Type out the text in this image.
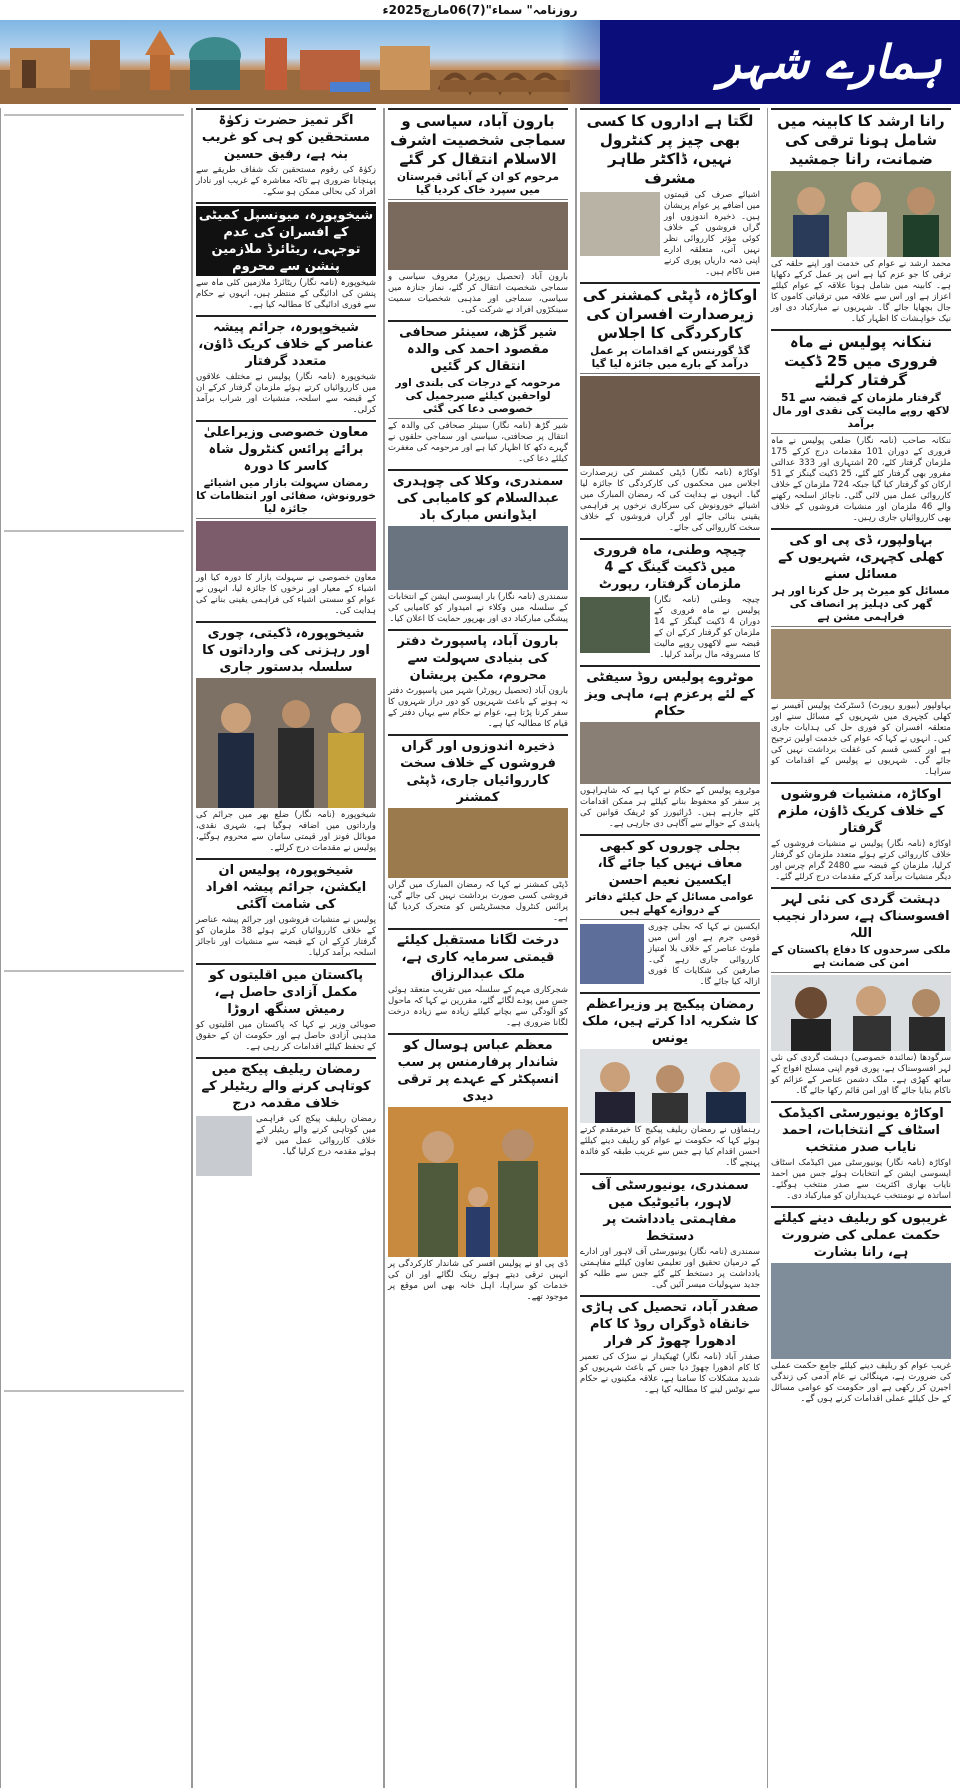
روزنامہ" سماء"(7)06مارچ2025ء
ہمارے شہر
رانا ارشد کا کابینہ میں شامل ہونا ترقی کی ضمانت، رانا جمشید
محمد ارشد نے عوام کی خدمت اور اپنے حلقہ کی ترقی کا جو عزم کیا ہے اس پر عمل کرکے دکھایا ہے۔ کابینہ میں شامل ہونا علاقہ کے عوام کیلئے اعزاز ہے اور اس سے علاقہ میں ترقیاتی کاموں کا جال بچھایا جائے گا۔ شہریوں نے مبارکباد دی اور نیک خواہشات کا اظہار کیا۔
ننکانہ پولیس نے ماہ فروری میں 25 ڈکیت گرفتار کرلئے
گرفتار ملزمان کے قبضہ سے 51 لاکھ روپے مالیت کی نقدی اور مال برآمد
ننکانہ صاحب (نامہ نگار) ضلعی پولیس نے ماہ فروری کے دوران 101 مقدمات درج کرکے 175 ملزمان گرفتار کئے، 20 اشتہاری اور 333 عدالتی مفرور بھی گرفتار کئے گئے، 25 ڈکیت گینگز کے 51 ارکان کو گرفتار کیا گیا جبکہ 724 ملزمان کے خلاف کارروائی عمل میں لائی گئی۔ ناجائز اسلحہ رکھنے والے 46 ملزمان اور منشیات فروشوں کے خلاف بھی کارروائیاں جاری رہیں۔
بہاولپور، ڈی پی او کی کھلی کچہری، شہریوں کے مسائل سنے
مسائل کو میرٹ پر حل کرنا اور ہر گھر کی دہلیز پر انصاف کی فراہمی مشن ہے
بہاولپور (بیورو رپورٹ) ڈسٹرکٹ پولیس آفیسر نے کھلی کچہری میں شہریوں کے مسائل سنے اور متعلقہ افسران کو فوری حل کی ہدایات جاری کیں۔ انہوں نے کہا کہ عوام کی خدمت اولین ترجیح ہے اور کسی قسم کی غفلت برداشت نہیں کی جائے گی۔ شہریوں نے پولیس کے اقدامات کو سراہا۔
اوکاڑہ، منشیات فروشوں کے خلاف کریک ڈاؤن، ملزم گرفتار
اوکاڑہ (نامہ نگار) پولیس نے منشیات فروشوں کے خلاف کارروائی کرتے ہوئے متعدد ملزمان کو گرفتار کرلیا، ملزمان کے قبضہ سے 2480 گرام چرس اور دیگر منشیات برآمد کرکے مقدمات درج کرلئے گئے۔
دہشت گردی کی نئی لہر افسوسناک ہے، سردار نجیب اللہ
ملکی سرحدوں کا دفاع پاکستان کے امن کی ضمانت ہے
سرگودھا (نمائندہ خصوصی) دہشت گردی کی نئی لہر افسوسناک ہے، پوری قوم اپنی مسلح افواج کے ساتھ کھڑی ہے۔ ملک دشمن عناصر کے عزائم کو ناکام بنایا جائے گا اور امن قائم رکھا جائے گا۔
اوکاڑہ یونیورسٹی اکیڈمک اسٹاف کے انتخابات، احمد نایاب صدر منتخب
اوکاڑہ (نامہ نگار) یونیورسٹی میں اکیڈمک اسٹاف ایسوسی ایشن کے انتخابات ہوئے جس میں احمد نایاب بھاری اکثریت سے صدر منتخب ہوگئے۔ اساتذہ نے نومنتخب عہدیداران کو مبارکباد دی۔
غریبوں کو ریلیف دینے کیلئے حکمت عملی کی ضرورت ہے، رانا بشارت
غریب عوام کو ریلیف دینے کیلئے جامع حکمت عملی کی ضرورت ہے، مہنگائی نے عام آدمی کی زندگی اجیرن کر رکھی ہے اور حکومت کو عوامی مسائل کے حل کیلئے عملی اقدامات کرنے ہوں گے۔
لگتا ہے اداروں کا کسی بھی چیز پر کنٹرول نہیں، ڈاکٹر طاہر مشرف
اشیائے صرف کی قیمتوں میں اضافے پر عوام پریشان ہیں۔ ذخیرہ اندوزوں اور گراں فروشوں کے خلاف کوئی مؤثر کارروائی نظر نہیں آتی، متعلقہ ادارے اپنی ذمہ داریاں پوری کرنے میں ناکام ہیں۔
اوکاڑہ، ڈپٹی کمشنر کی زیرصدارت افسران کی کارکردگی کا اجلاس
گڈ گورننس کے اقدامات پر عمل درآمد کے بارے میں جائزہ لیا گیا
اوکاڑہ (نامہ نگار) ڈپٹی کمشنر کی زیرصدارت اجلاس میں محکموں کی کارکردگی کا جائزہ لیا گیا۔ انہوں نے ہدایت کی کہ رمضان المبارک میں اشیائے خورونوش کی سرکاری نرخوں پر فراہمی یقینی بنائی جائے اور گراں فروشوں کے خلاف سخت کارروائی کی جائے۔
چیچہ وطنی، ماہ فروری میں ڈکیت گینگ کے 4 ملزمان گرفتار، رپورٹ
چیچہ وطنی (نامہ نگار) پولیس نے ماہ فروری کے دوران 4 ڈکیت گینگز کے 14 ملزمان کو گرفتار کرکے ان کے قبضہ سے لاکھوں روپے مالیت کا مسروقہ مال برآمد کرلیا۔
موٹروے پولیس روڈ سیفٹی کے لئے پرعزم ہے، ماہی ویز حکام
موٹروے پولیس کے حکام نے کہا ہے کہ شاہراہوں پر سفر کو محفوظ بنانے کیلئے ہر ممکن اقدامات کئے جارہے ہیں۔ ڈرائیورز کو ٹریفک قوانین کی پابندی کے حوالے سے آگاہی دی جارہی ہے۔
بجلی چوروں کو کبھی معاف نہیں کیا جائے گا، ایکسین نعیم احسن
عوامی مسائل کے حل کیلئے دفاتر کے دروازے کھلے ہیں
ایکسین نے کہا کہ بجلی چوری قومی جرم ہے اور اس میں ملوث عناصر کے خلاف بلا امتیاز کارروائی جاری رہے گی۔ صارفین کی شکایات کا فوری ازالہ کیا جائے گا۔
رمضان پیکیج پر وزیراعظم کا شکریہ ادا کرتے ہیں، ملک یونس
رہنماؤں نے رمضان ریلیف پیکیج کا خیرمقدم کرتے ہوئے کہا کہ حکومت نے عوام کو ریلیف دینے کیلئے احسن اقدام کیا ہے جس سے غریب طبقہ کو فائدہ پہنچے گا۔
سمندری، یونیورسٹی آف لاہور، بائیوٹیک میں مفاہمتی یادداشت پر دستخط
سمندری (نامہ نگار) یونیورسٹی آف لاہور اور ادارے کے درمیان تحقیق اور تعلیمی تعاون کیلئے مفاہمتی یادداشت پر دستخط کئے گئے جس سے طلبہ کو جدید سہولیات میسر آئیں گی۔
صفدر آباد، تحصیل کی ہاڑی خانقاہ ڈوگراں روڈ کا کام ادھورا چھوڑ کر فرار
صفدر آباد (نامہ نگار) ٹھیکیدار نے سڑک کی تعمیر کا کام ادھورا چھوڑ دیا جس کے باعث شہریوں کو شدید مشکلات کا سامنا ہے، علاقہ مکینوں نے حکام سے نوٹس لینے کا مطالبہ کیا ہے۔
بارون آباد، سیاسی و سماجی شخصیت اشرف الاسلام انتقال کر گئے
مرحوم کو ان کے آبائی قبرستان میں سپرد خاک کردیا گیا
بارون آباد (تحصیل رپورٹر) معروف سیاسی و سماجی شخصیت انتقال کر گئے، نماز جنازہ میں سیاسی، سماجی اور مذہبی شخصیات سمیت سینکڑوں افراد نے شرکت کی۔
شیر گڑھ، سینئر صحافی مقصود احمد کی والدہ انتقال کر گئیں
مرحومہ کے درجات کی بلندی اور لواحقین کیلئے صبرجمیل کی خصوصی دعا کی گئی
شیر گڑھ (نامہ نگار) سینئر صحافی کی والدہ کے انتقال پر صحافتی، سیاسی اور سماجی حلقوں نے گہرے دکھ کا اظہار کیا ہے اور مرحومہ کی مغفرت کیلئے دعا کی۔
سمندری، وکلا کی چوہدری عبدالسلام کو کامیابی کی ایڈوانس مبارک باد
سمندری (نامہ نگار) بار ایسوسی ایشن کے انتخابات کے سلسلہ میں وکلاء نے امیدوار کو کامیابی کی پیشگی مبارکباد دی اور بھرپور حمایت کا اعلان کیا۔
بارون آباد، پاسپورٹ دفتر کی بنیادی سہولت سے محروم، مکین پریشان
بارون آباد (تحصیل رپورٹر) شہر میں پاسپورٹ دفتر نہ ہونے کے باعث شہریوں کو دور دراز شہروں کا سفر کرنا پڑتا ہے، عوام نے حکام سے یہاں دفتر کے قیام کا مطالبہ کیا ہے۔
ذخیرہ اندوزوں اور گراں فروشوں کے خلاف سخت کارروائیاں جاری، ڈپٹی کمشنر
ڈپٹی کمشنر نے کہا کہ رمضان المبارک میں گراں فروشی کسی صورت برداشت نہیں کی جائے گی، پرائس کنٹرول مجسٹریٹس کو متحرک کردیا گیا ہے۔
درخت لگانا مستقبل کیلئے قیمتی سرمایہ کاری ہے، ملک عبدالرزاق
شجرکاری مہم کے سلسلہ میں تقریب منعقد ہوئی جس میں پودے لگائے گئے، مقررین نے کہا کہ ماحول کو آلودگی سے بچانے کیلئے زیادہ سے زیادہ درخت لگانا ضروری ہے۔
معظم عباس ہوسال کو شاندار پرفارمنس پر سب انسپکٹر کے عہدے پر ترقی دیدی
ڈی پی او نے پولیس افسر کی شاندار کارکردگی پر انہیں ترقی دیتے ہوئے رینک لگائے اور ان کی خدمات کو سراہا، اہل خانہ بھی اس موقع پر موجود تھے۔
اگر تمیز حضرت زکوٰۃ مستحقین کو ہی کو غریب بنہ ہے، رفیق حسین
زکوٰۃ کی رقوم مستحقین تک شفاف طریقے سے پہنچانا ضروری ہے تاکہ معاشرہ کے غریب اور نادار افراد کی بحالی ممکن ہو سکے۔
شیخوپورہ، میونسپل کمیٹی کے افسران کی عدم توجہی، ریٹائرڈ ملازمین پنشن سے محروم
شیخوپورہ (نامہ نگار) ریٹائرڈ ملازمین کئی ماہ سے پنشن کی ادائیگی کے منتظر ہیں، انہوں نے حکام سے فوری ادائیگی کا مطالبہ کیا ہے۔
شیخوپورہ، جرائم پیشہ عناصر کے خلاف کریک ڈاؤن، متعدد گرفتار
شیخوپورہ (نامہ نگار) پولیس نے مختلف علاقوں میں کارروائیاں کرتے ہوئے ملزمان گرفتار کرکے ان کے قبضہ سے اسلحہ، منشیات اور شراب برآمد کرلی۔
معاون خصوصی وزیراعلیٰ برائے پرائس کنٹرول شاہ کاسر کا دورہ
رمضان سہولت بازار میں اشیائے خورونوش، صفائی اور انتظامات کا جائزہ لیا
معاون خصوصی نے سہولت بازار کا دورہ کیا اور اشیاء کے معیار اور نرخوں کا جائزہ لیا، انہوں نے عوام کو سستی اشیاء کی فراہمی یقینی بنانے کی ہدایت کی۔
شیخوپورہ، ڈکیتی، چوری اور رہزنی کی وارداتوں کا سلسلہ بدستور جاری
شیخوپورہ (نامہ نگار) ضلع بھر میں جرائم کی وارداتوں میں اضافہ ہوگیا ہے، شہری نقدی، موبائل فونز اور قیمتی سامان سے محروم ہوگئے، پولیس نے مقدمات درج کرلئے۔
شیخوپورہ، پولیس ان ایکشن، جرائم پیشہ افراد کی شامت آگئی
پولیس نے منشیات فروشوں اور جرائم پیشہ عناصر کے خلاف کارروائیاں کرتے ہوئے 38 ملزمان کو گرفتار کرکے ان کے قبضہ سے منشیات اور ناجائز اسلحہ برآمد کرلیا۔
پاکستان میں اقلیتوں کو مکمل آزادی حاصل ہے، رمیش سنگھ اروڑا
صوبائی وزیر نے کہا کہ پاکستان میں اقلیتوں کو مذہبی آزادی حاصل ہے اور حکومت ان کے حقوق کے تحفظ کیلئے اقدامات کر رہی ہے۔
رمضان ریلیف پیکج میں کوتاہی کرنے والے ریٹیلر کے خلاف مقدمہ درج
رمضان ریلیف پیکج کی فراہمی میں کوتاہی کرنے والے ریٹیلر کے خلاف کارروائی عمل میں لاتے ہوئے مقدمہ درج کرلیا گیا۔
